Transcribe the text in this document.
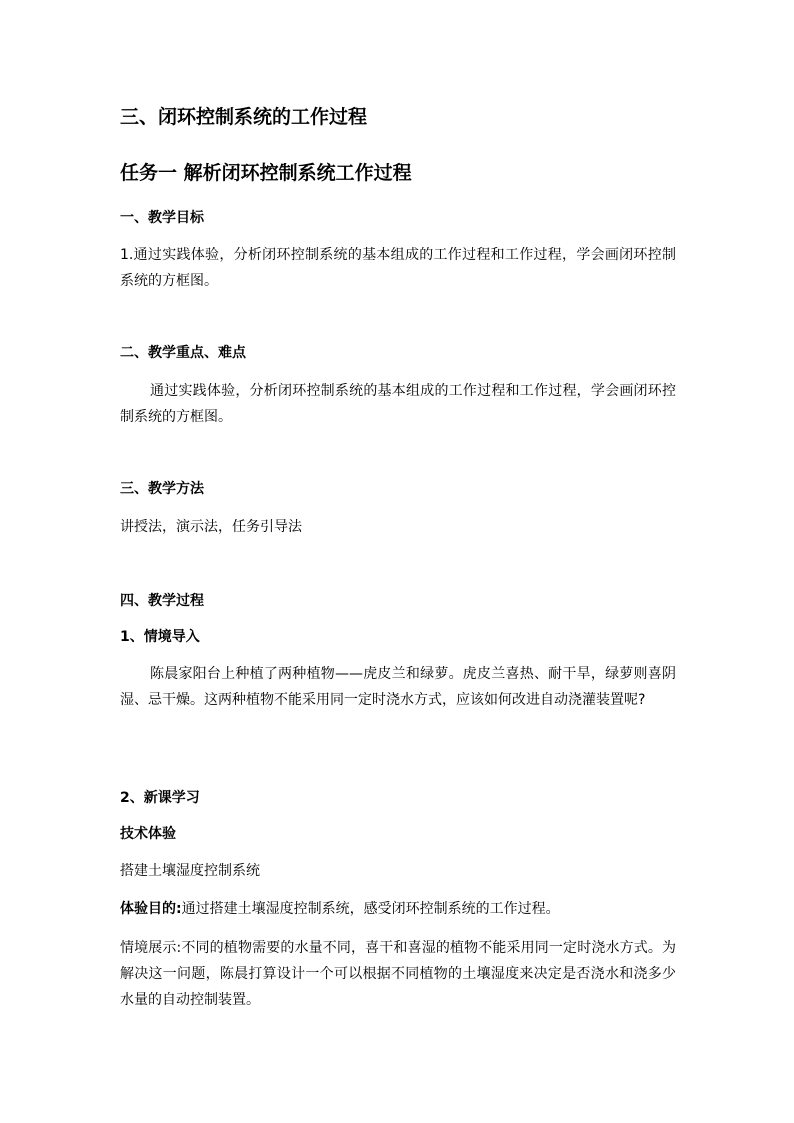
三、闭环控制系统的工作过程
任务一 解析闭环控制系统工作过程
一、教学目标

1.通过实践体验，分析闭环控制系统的基本组成的工作过程和工作过程，学会画闭环控制系统的方框图。

二、教学重点、难点

通过实践体验，分析闭环控制系统的基本组成的工作过程和工作过程，学会画闭环控制系统的方框图。

三、教学方法

讲授法，演示法，任务引导法

四、教学过程
1、情境导入

陈晨家阳台上种植了两种植物——虎皮兰和绿萝。虎皮兰喜热、耐干旱，绿萝则喜阴湿、忌干燥。这两种植物不能采用同一定时浇水方式，应该如何改进自动浇灌装置呢?

2、新课学习
技术体验

搭建土壤湿度控制系统

体验目的:通过搭建土壤湿度控制系统，感受闭环控制系统的工作过程。

情境展示:不同的植物需要的水量不同，喜干和喜湿的植物不能采用同一定时浇水方式。为解决这一问题，陈晨打算设计一个可以根据不同植物的土壤湿度来决定是否浇水和浇多少水量的自动控制装置。
